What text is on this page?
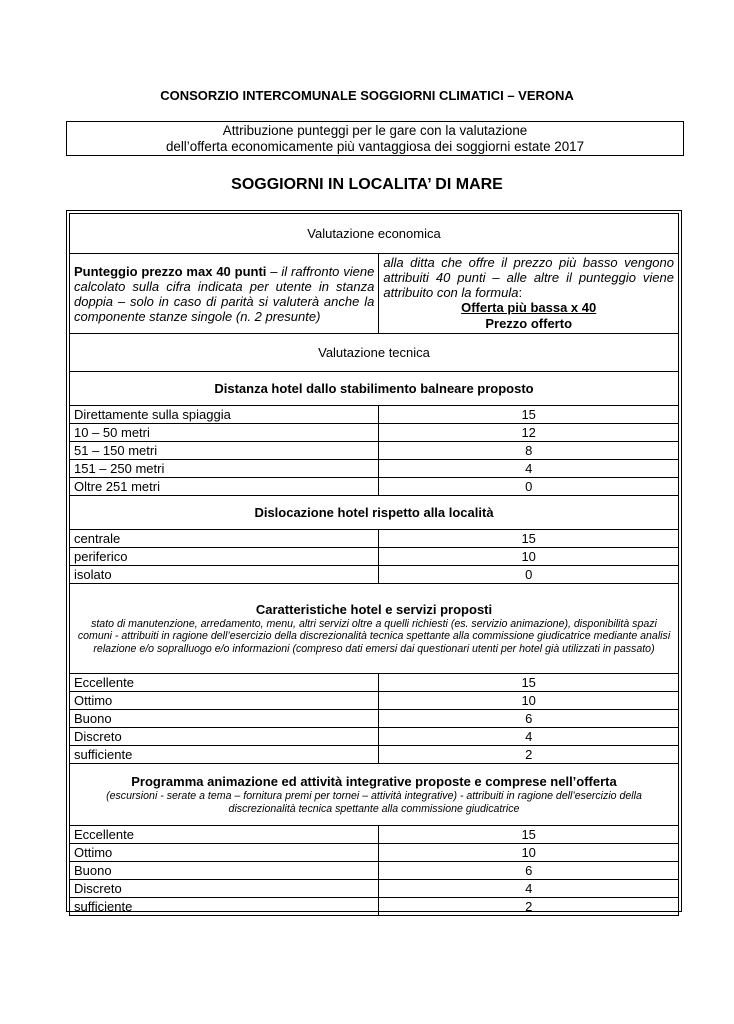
CONSORZIO INTERCOMUNALE SOGGIORNI CLIMATICI – VERONA
Attribuzione punteggi per le gare con la valutazione
dell’offerta economicamente più vantaggiosa dei soggiorni estate 2017
SOGGIORNI IN LOCALITA’ DI MARE
Valutazione economica	
Punteggio prezzo max 40 punti – il raffronto viene calcolato sulla cifra indicata per utente in stanza doppia – solo in caso di parità si valuterà anche la componente stanze singole (n. 2 presunte)	alla ditta che offre il prezzo più basso vengono attribuiti 40 punti – alle altre il punteggio viene attribuito con la formula:
Offerta più bassa x 40
Prezzo offerto

Valutazione tecnica	
Distanza hotel dallo stabilimento balneare proposto	
Direttamente sulla spiaggia	15
10 – 50 metri	12
51 – 150 metri	8
151 – 250 metri	4
Oltre 251 metri	0
Dislocazione hotel rispetto alla località	
centrale	15
periferico	10
isolato	0

Caratteristiche hotel e servizi proposti
stato di manutenzione, arredamento, menu, altri servizi oltre a quelli richiesti (es. servizio animazione), disponibilità spazi comuni - attribuiti in ragione dell’esercizio della discrezionalità tecnica spettante alla commissione giudicatrice mediante analisi relazione e/o sopralluogo e/o informazioni (compreso dati emersi dai questionari utenti per hotel già utilizzati in passato)	

Eccellente	15
Ottimo	10
Buono	6
Discreto	4
sufficiente	2

Programma animazione ed attività integrative proposte e comprese nell’offerta
(escursioni - serate a tema – fornitura premi per tornei – attività integrative) - attribuiti in ragione dell’esercizio della discrezionalità tecnica spettante alla commissione giudicatrice	

Eccellente	15
Ottimo	10
Buono	6
Discreto	4
sufficiente	2
